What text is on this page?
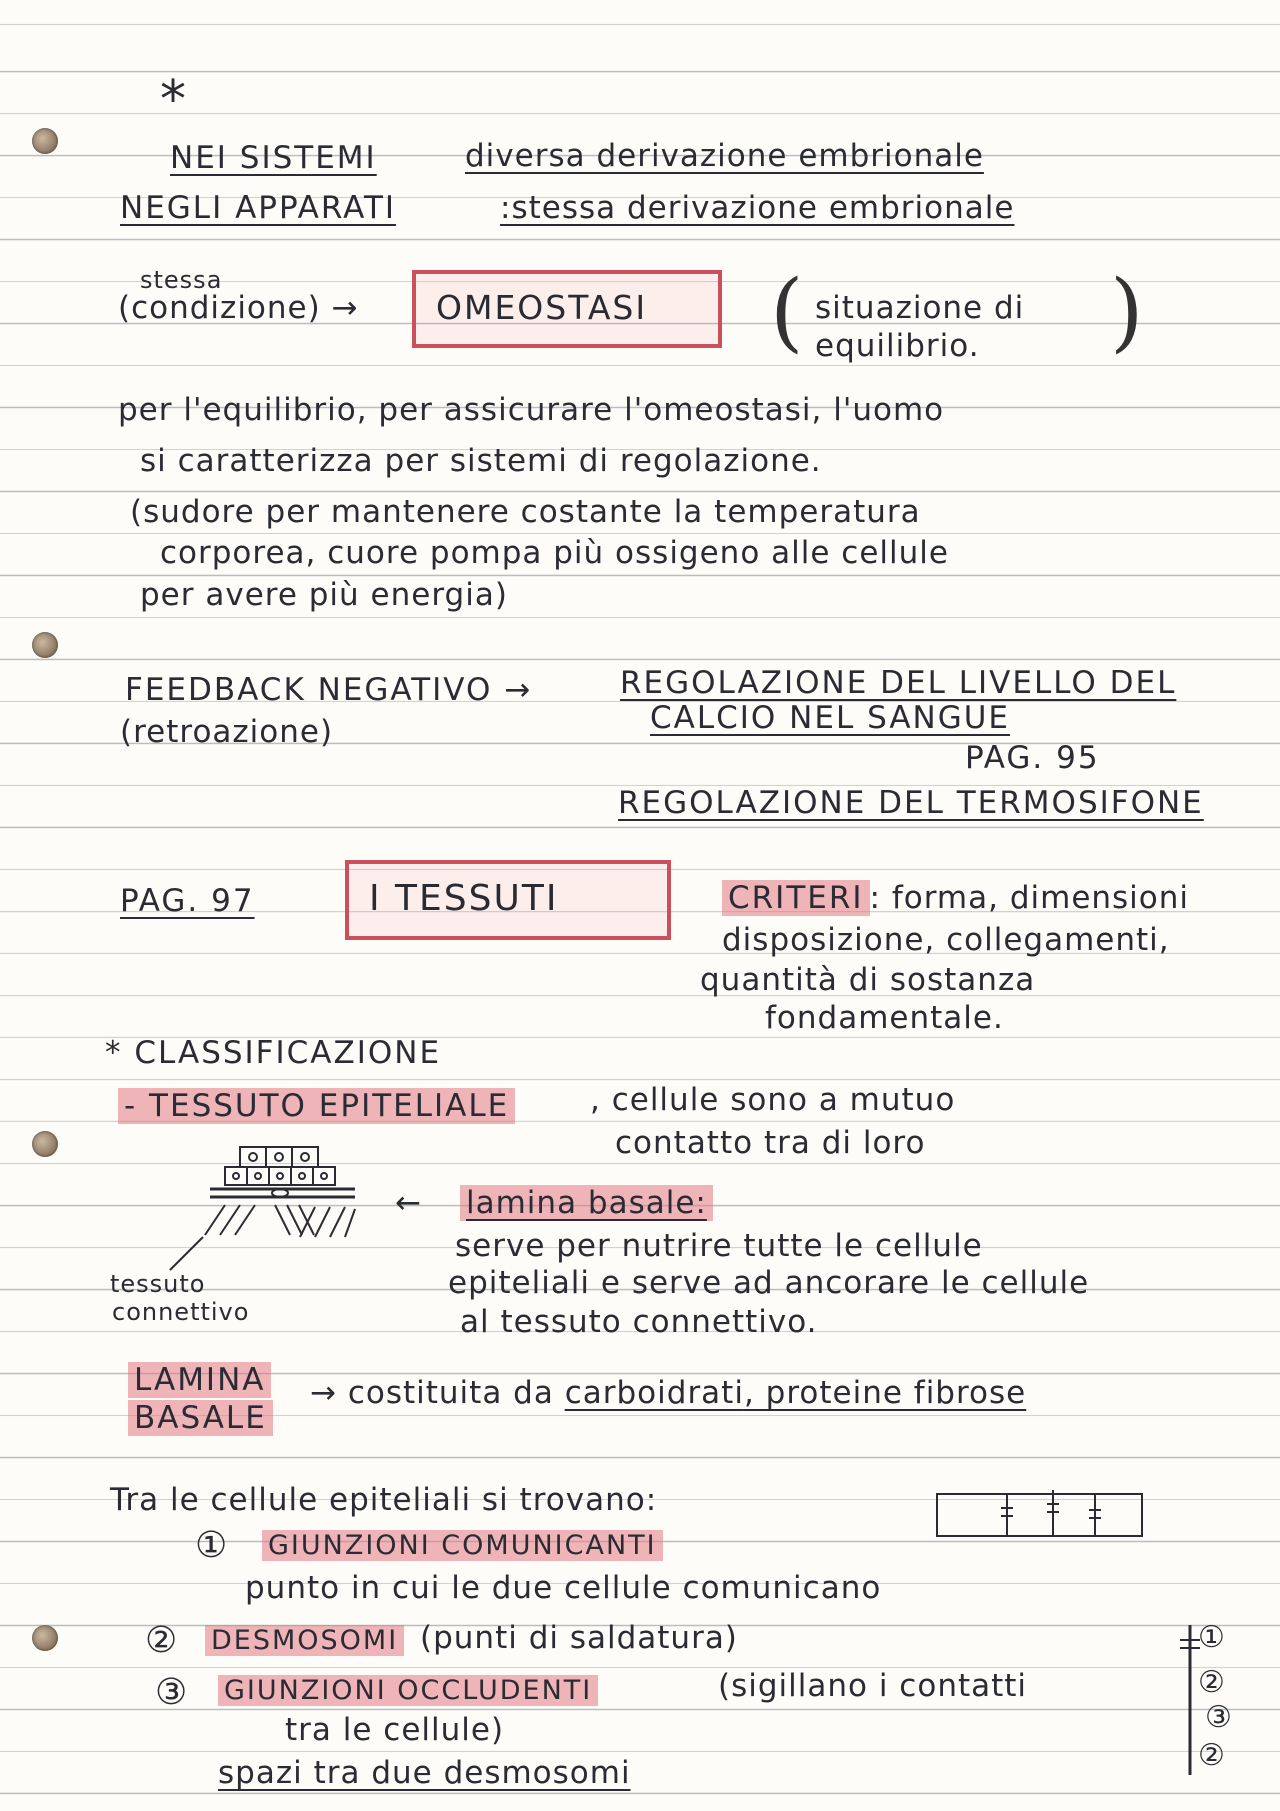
*
NEI SISTEMI	diversa derivazione embrionale
NEGLI APPARATI	:stessa derivazione embrionale
stessa
(condizione) → OMEOSTASI ( situazione di
equilibrio. )
per l'equilibrio, per assicurare l'omeostasi, l'uomo
si caratterizza per sistemi di regolazione.
(sudore per mantenere costante la temperatura
corporea, cuore pompa più ossigeno alle cellule
per avere più energia)
FEEDBACK NEGATIVO →
(retroazione)
REGOLAZIONE DEL LIVELLO DEL
CALCIO NEL SANGUE
PAG. 95
REGOLAZIONE DEL TERMOSIFONE
PAG. 97	I TESSUTI	CRITERI : forma, dimensioni
disposizione, collegamenti,
quantità di sostanza
fondamentale.
* CLASSIFICAZIONE
- TESSUTO EPITELIALE	, cellule sono a mutuo
contatto tra di loro
← lamina basale:
serve per nutrire tutte le cellule
epiteliali e serve ad ancorare le cellule
al tessuto connettivo.
tessuto
connettivo
LAMINA
BASALE
→ costituita da carboidrati, proteine fibrose
Tra le cellule epiteliali si trovano:
① GIUNZIONI COMUNICANTI
punto in cui le due cellule comunicano
② DESMOSOMI (punti di saldatura)
③ GIUNZIONI OCCLUDENTI	(sigillano i contatti
tra le cellule)
spazi tra due desmosomi
①
②
③
②
